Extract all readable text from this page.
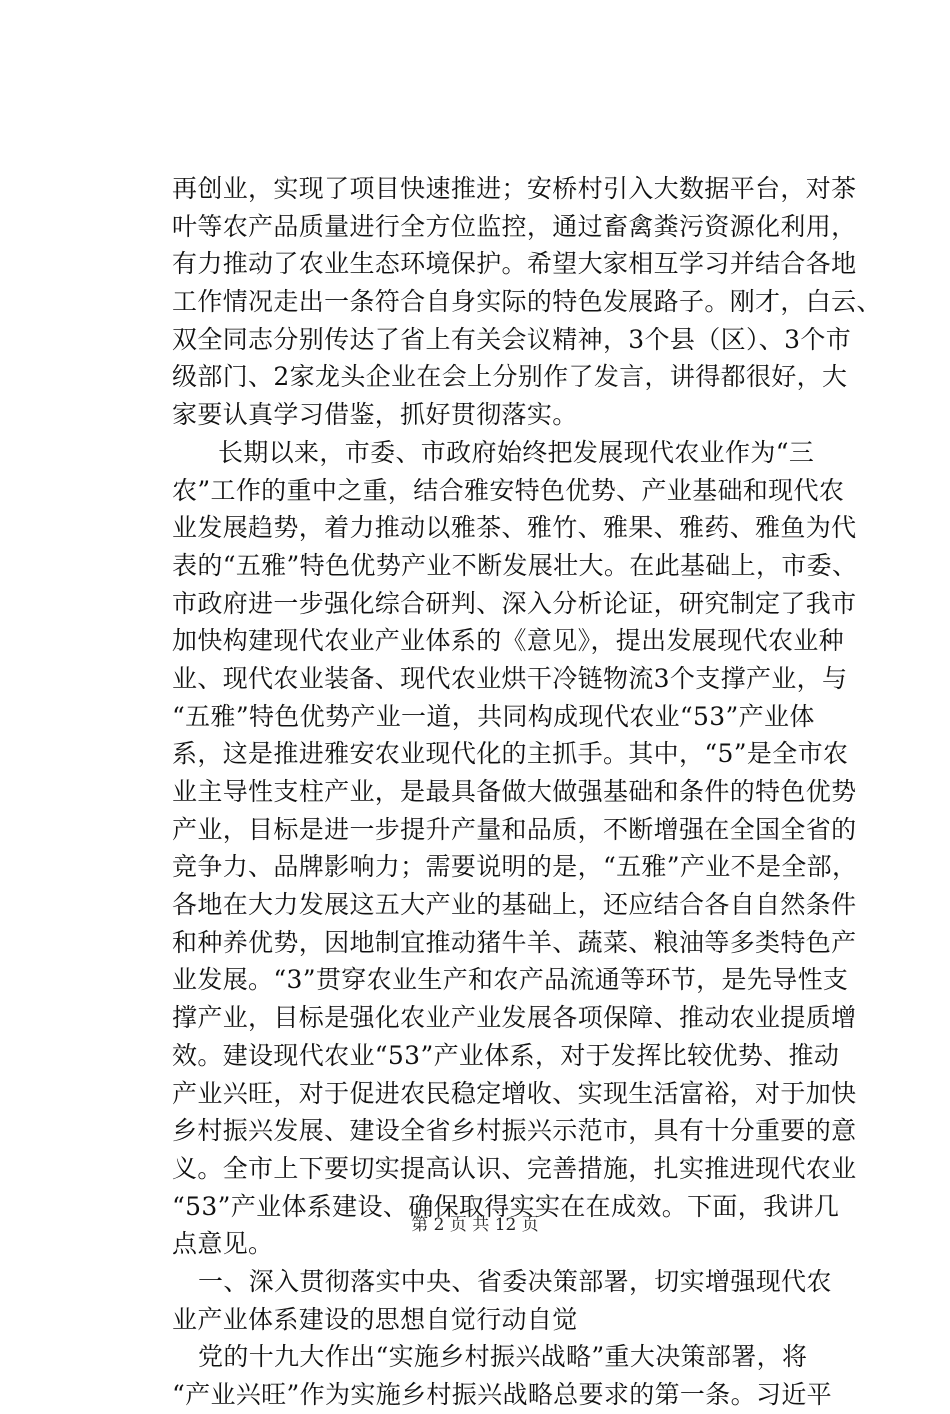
再创业，实现了项目快速推进；安桥村引入大数据平台，对茶
叶等农产品质量进行全方位监控，通过畜禽粪污资源化利用，
有力推动了农业生态环境保护。希望大家相互学习并结合各地
工作情况走出一条符合自身实际的特色发展路子。刚才，白云、
双全同志分别传达了省上有关会议精神，3个县（区）、3个市
级部门、2家龙头企业在会上分别作了发言，讲得都很好，大
家要认真学习借鉴，抓好贯彻落实。
长期以来，市委、市政府始终把发展现代农业作为“三
农”工作的重中之重，结合雅安特色优势、产业基础和现代农
业发展趋势，着力推动以雅茶、雅竹、雅果、雅药、雅鱼为代
表的“五雅”特色优势产业不断发展壮大。在此基础上，市委、
市政府进一步强化综合研判、深入分析论证，研究制定了我市
加快构建现代农业产业体系的《意见》，提出发展现代农业种
业、现代农业装备、现代农业烘干冷链物流3个支撑产业，与
“五雅”特色优势产业一道，共同构成现代农业“53”产业体
系，这是推进雅安农业现代化的主抓手。其中，“5”是全市农
业主导性支柱产业，是最具备做大做强基础和条件的特色优势
产业，目标是进一步提升产量和品质，不断增强在全国全省的
竞争力、品牌影响力；需要说明的是，“五雅”产业不是全部，
各地在大力发展这五大产业的基础上，还应结合各自自然条件
和种养优势，因地制宜推动猪牛羊、蔬菜、粮油等多类特色产
业发展。“3”贯穿农业生产和农产品流通等环节，是先导性支
撑产业，目标是强化农业产业发展各项保障、推动农业提质增
效。建设现代农业“53”产业体系，对于发挥比较优势、推动
产业兴旺，对于促进农民稳定增收、实现生活富裕，对于加快
乡村振兴发展、建设全省乡村振兴示范市，具有十分重要的意
义。全市上下要切实提高认识、完善措施，扎实推进现代农业
“53”产业体系建设、确保取得实实在在成效。下面，我讲几
点意见。
一、深入贯彻落实中央、省委决策部署，切实增强现代农
业产业体系建设的思想自觉行动自觉
党的十九大作出“实施乡村振兴战略”重大决策部署，将
“产业兴旺”作为实施乡村振兴战略总要求的第一条。习近平
第 2 页 共 12 页
